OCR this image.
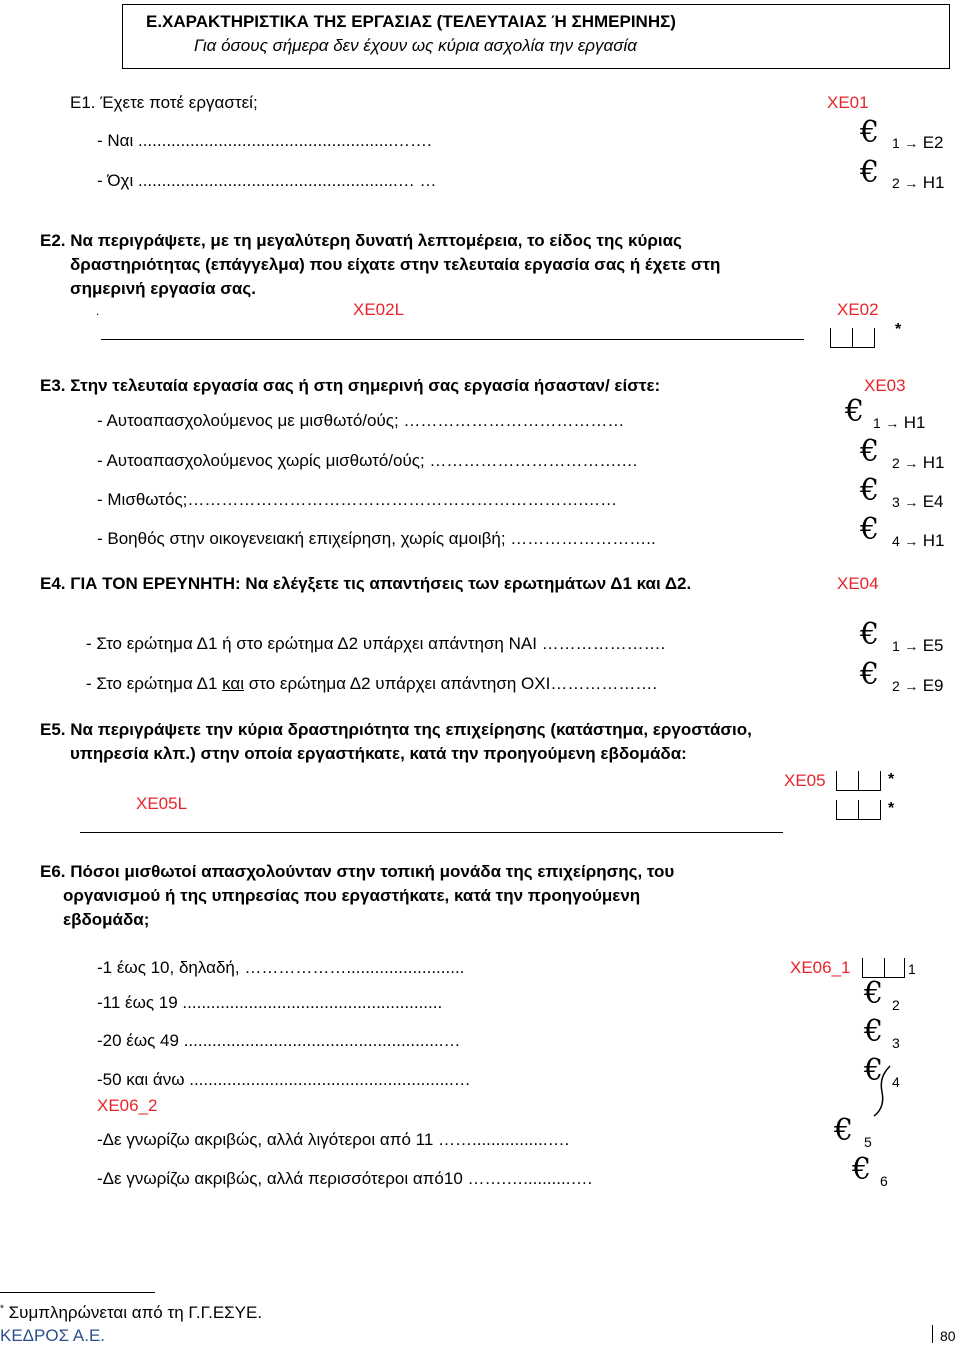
Ε.ΧΑΡΑΚΤΗΡΙΣΤΙΚΑ ΤΗΣ ΕΡΓΑΣΙΑΣ (ΤΕΛΕΥΤΑΙΑΣ Ή ΣΗΜΕΡΙΝΗΣ)
Για όσους σήμερα δεν έχουν ως κύρια ασχολία την εργασία
Ε1. Έχετε ποτέ εργαστεί;	ΧΕ01
- Ναι ......................................................…….	€ 1 → Ε2
- Όχι .......................................................… …	€ 2 → Η1
Ε2. Να περιγράψετε, με τη μεγαλύτερη δυνατή λεπτομέρεια, το είδος της κύριας
δραστηριότητας (επάγγελμα) που είχατε στην τελευταία εργασία σας ή έχετε στη
σημερινή εργασία σας.
.	ΧΕ02L	ΧΕ02
*
Ε3. Στην τελευταία εργασία σας ή στη σημερινή σας εργασία ήσασταν/ είστε:	ΧΕ03
- Αυτοαπασχολούμενος με μισθωτό/ούς; …………………………………	€ 1 → Η1
- Αυτοαπασχολούμενος χωρίς μισθωτό/ούς; …………………………….…	€ 2 → Η1
- Μισθωτός;…………………………………………………………….……	€ 3 → Ε4
- Βοηθός στην οικογενειακή επιχείρηση, χωρίς αμοιβή; ……………………..	€ 4 → Η1
Ε4. ΓΙΑ ΤΟΝ ΕΡΕΥΝΗΤΗ: Να ελέγξετε τις απαντήσεις των ερωτημάτων Δ1 και Δ2.	ΧΕ04
- Στο ερώτημα Δ1 ή στο ερώτημα Δ2 υπάρχει απάντηση ΝΑΙ ………………….	€ 1 → Ε5
- Στο ερώτημα Δ1 και στο ερώτημα Δ2 υπάρχει απάντηση ΟΧΙ……………….	€ 2 → Ε9
Ε5. Να περιγράψετε την κύρια δραστηριότητα της επιχείρησης (κατάστημα, εργοστάσιο,
υπηρεσία κλπ.) στην οποία εργαστήκατε, κατά την προηγούμενη εβδομάδα:
ΧΕ05	*
ΧΕ05L	*
Ε6. Πόσοι μισθωτοί απασχολούνταν στην τοπική μονάδα της επιχείρησης, του
οργανισμού ή της υπηρεσίας που εργαστήκατε, κατά την προηγούμενη
εβδομάδα;
-1 έως 10, δηλαδή, ……………….........................	ΧΕ06_1	1
-11 έως 19 .......................................................	€ 2
-20 έως 49 .......................................................…	€ 3
-50 και άνω ........................................................…	€ 4
ΧΕ06_2
-Δε γνωρίζω ακριβώς, αλλά λιγότεροι από 11 ……................….	€ 5
-Δε γνωρίζω ακριβώς, αλλά περισσότεροι από10 …….…..........….	€ 6
* Συμπληρώνεται από τη Γ.Γ.ΕΣΥΕ.
ΚΕΔΡΟΣ Α.Ε.	80
